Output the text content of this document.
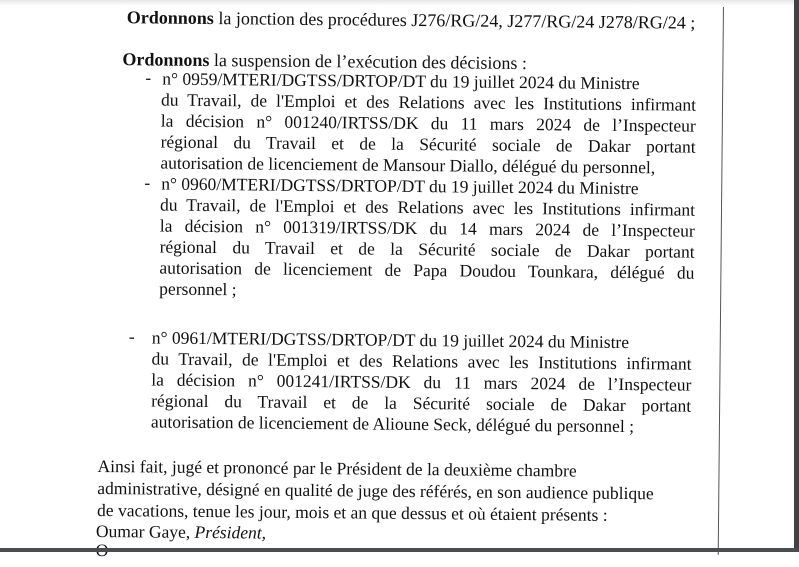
Ordonnons la jonction des procédures J276/RG/24, J277/RG/24 J278/RG/24 ;
Ordonnons la suspension de l’exécution des décisions :
- n° 0959/MTERI/DGTSS/DRTOP/DT du 19 juillet 2024 du Ministre
du Travail, de l'Emploi et des Relations avec les Institutions infirmant
la décision n° 001240/IRTSS/DK du 11 mars 2024 de l’Inspecteur
régional du Travail et de la Sécurité sociale de Dakar portant
autorisation de licenciement de Mansour Diallo, délégué du personnel,
- n° 0960/MTERI/DGTSS/DRTOP/DT du 19 juillet 2024 du Ministre
du Travail, de l'Emploi et des Relations avec les Institutions infirmant
la décision n° 001319/IRTSS/DK du 14 mars 2024 de l’Inspecteur
régional du Travail et de la Sécurité sociale de Dakar portant
autorisation de licenciement de Papa Doudou Tounkara, délégué du
personnel ;
- n° 0961/MTERI/DGTSS/DRTOP/DT du 19 juillet 2024 du Ministre
du Travail, de l'Emploi et des Relations avec les Institutions infirmant
la décision n° 001241/IRTSS/DK du 11 mars 2024 de l’Inspecteur
régional du Travail et de la Sécurité sociale de Dakar portant
autorisation de licenciement de Alioune Seck, délégué du personnel ;
Ainsi fait, jugé et prononcé par le Président de la deuxième chambre
administrative, désigné en qualité de juge des référés, en son audience publique
de vacations, tenue les jour, mois et an que dessus et où étaient présents :
Oumar Gaye, Président,
